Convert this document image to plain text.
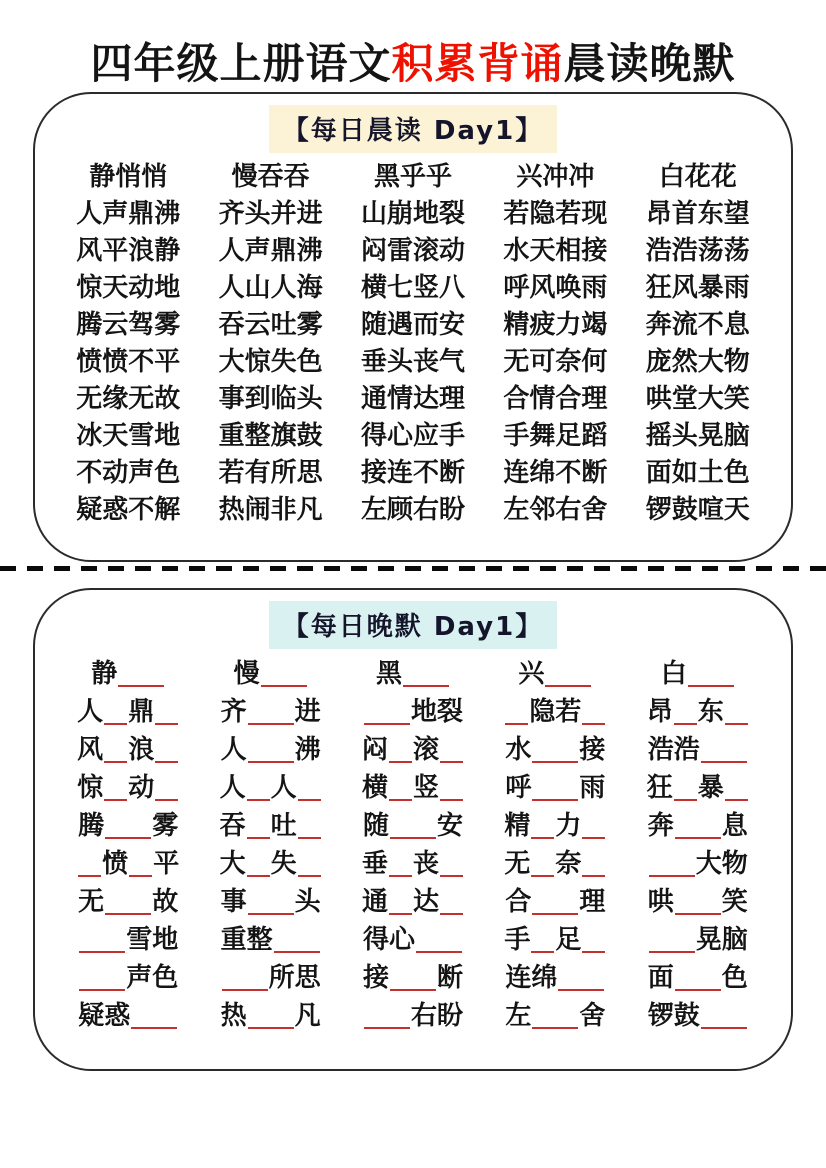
四年级上册语文积累背诵晨读晚默
【每日晨读 Day1】
静悄悄
人声鼎沸
风平浪静
惊天动地
腾云驾雾
愤愤不平
无缘无故
冰天雪地
不动声色
疑惑不解
慢吞吞
齐头并进
人声鼎沸
人山人海
吞云吐雾
大惊失色
事到临头
重整旗鼓
若有所思
热闹非凡
黑乎乎
山崩地裂
闷雷滚动
横七竖八
随遇而安
垂头丧气
通情达理
得心应手
接连不断
左顾右盼
兴冲冲
若隐若现
水天相接
呼风唤雨
精疲力竭
无可奈何
合情合理
手舞足蹈
连绵不断
左邻右舍
白花花
昂首东望
浩浩荡荡
狂风暴雨
奔流不息
庞然大物
哄堂大笑
摇头晃脑
面如土色
锣鼓喧天
【每日晚默 Day1】
静
人 鼎
风 浪
惊 动
腾 雾
愤 平
无 故
雪地
声色
疑惑
慢
齐 进
人 沸
人 人
吞 吐
大 失
事 头
重整
所思
热 凡
黑
地裂
闷 滚
横 竖
随 安
垂 丧
通 达
得心
接 断
右盼
兴
隐若
水 接
呼 雨
精 力
无 奈
合 理
手 足
连绵
左 舍
白
昂 东
浩浩
狂 暴
奔 息
大物
哄 笑
晃脑
面 色
锣鼓
